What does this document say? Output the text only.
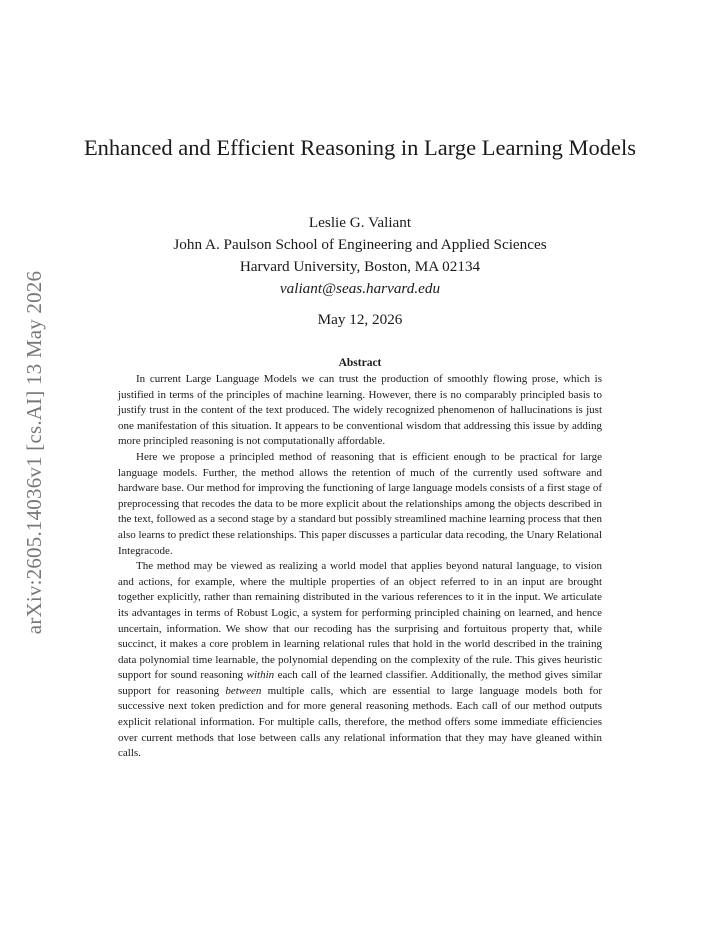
arXiv:2605.14036v1 [cs.AI] 13 May 2026
Enhanced and Efficient Reasoning in Large Learning Models
Leslie G. Valiant
John A. Paulson School of Engineering and Applied Sciences
Harvard University, Boston, MA 02134
valiant@seas.harvard.edu
May 12, 2026
Abstract

In current Large Language Models we can trust the production of smoothly flowing prose, which is justified in terms of the principles of machine learning. However, there is no comparably principled basis to justify trust in the content of the text produced. The widely recognized phenomenon of hallucinations is just one manifestation of this situation. It appears to be conventional wisdom that addressing this issue by adding more principled reasoning is not computationally affordable.

Here we propose a principled method of reasoning that is efficient enough to be practical for large language models. Further, the method allows the retention of much of the currently used software and hardware base. Our method for improving the functioning of large language models consists of a first stage of preprocessing that recodes the data to be more explicit about the relationships among the objects described in the text, followed as a second stage by a standard but possibly streamlined machine learning process that then also learns to predict these relationships. This paper discusses a particular data recoding, the Unary Relational Integracode.

The method may be viewed as realizing a world model that applies beyond natural language, to vision and actions, for example, where the multiple properties of an object referred to in an input are brought together explicitly, rather than remaining distributed in the various references to it in the input. We articulate its advantages in terms of Robust Logic, a system for performing principled chaining on learned, and hence uncertain, information. We show that our recoding has the surprising and fortuitous property that, while succinct, it makes a core problem in learning relational rules that hold in the world described in the training data polynomial time learnable, the polynomial depending on the complexity of the rule. This gives heuristic support for sound reasoning within each call of the learned classifier. Additionally, the method gives similar support for reasoning between multiple calls, which are essential to large language models both for successive next token prediction and for more general reasoning methods. Each call of our method outputs explicit relational information. For multiple calls, therefore, the method offers some immediate efficiencies over current methods that lose between calls any relational information that they may have gleaned within calls.
